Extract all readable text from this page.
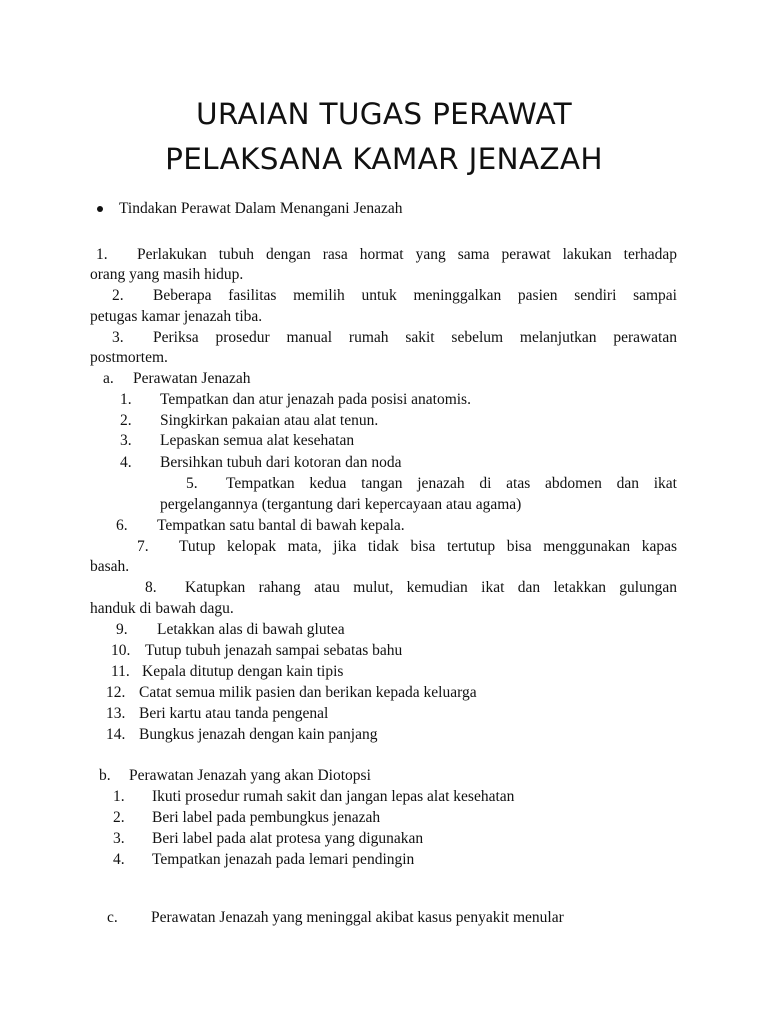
URAIAN TUGAS PERAWAT
PELAKSANA KAMAR JENAZAH
Tindakan Perawat Dalam Menangani Jenazah
1. Perlakukan tubuh dengan rasa hormat yang sama perawat lakukan terhadap
orang yang masih hidup.
2. Beberapa fasilitas memilih untuk meninggalkan pasien sendiri sampai
petugas kamar jenazah tiba.
3. Periksa prosedur manual rumah sakit sebelum melanjutkan perawatan
postmortem.
a. Perawatan Jenazah
1. Tempatkan dan atur jenazah pada posisi anatomis.
2. Singkirkan pakaian atau alat tenun.
3. Lepaskan semua alat kesehatan
4. Bersihkan tubuh dari kotoran dan noda
5. Tempatkan kedua tangan jenazah di atas abdomen dan ikat
pergelangannya (tergantung dari kepercayaan atau agama)
6. Tempatkan satu bantal di bawah kepala.
7. Tutup kelopak mata, jika tidak bisa tertutup bisa menggunakan kapas
basah.
8. Katupkan rahang atau mulut, kemudian ikat dan letakkan gulungan
handuk di bawah dagu.
9. Letakkan alas di bawah glutea
10. Tutup tubuh jenazah sampai sebatas bahu
11. Kepala ditutup dengan kain tipis
12. Catat semua milik pasien dan berikan kepada keluarga
13. Beri kartu atau tanda pengenal
14. Bungkus jenazah dengan kain panjang
b. Perawatan Jenazah yang akan Diotopsi
1. Ikuti prosedur rumah sakit dan jangan lepas alat kesehatan
2. Beri label pada pembungkus jenazah
3. Beri label pada alat protesa yang digunakan
4. Tempatkan jenazah pada lemari pendingin
c. Perawatan Jenazah yang meninggal akibat kasus penyakit menular
